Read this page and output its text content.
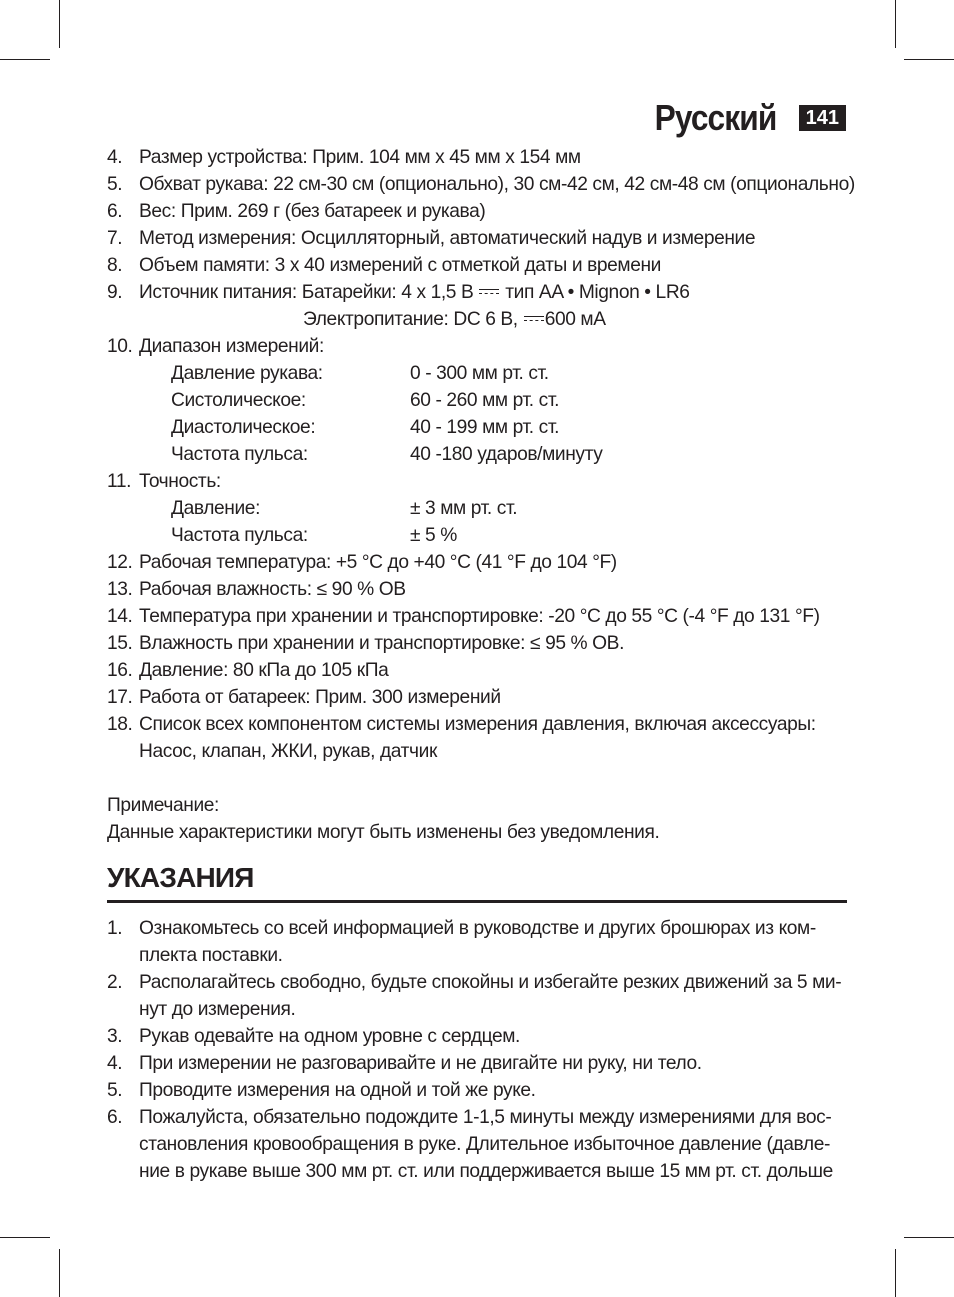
Русский	141
4. Размер устройства: Прим. 104 мм x 45 мм x 154 мм
5. Обхват рукава: 22 см-30 см (опционально), 30 см-42 см, 42 см-48 см (опционально)
6. Вес: Прим. 269 г (без батареек и рукава)
7. Метод измерения: Осцилляторный, автоматический надув и измерение
8. Объем памяти: 3 x 40 измерений с отметкой даты и времени
9. Источник питания: Батарейки: 4 x 1,5 В тип AA • Mignon • LR6
Электропитание: DC 6 В, 600 мА
10. Диапазон измерений:
Давление рукава:	0 - 300 мм рт. ст.
Систолическое:	60 - 260 мм рт. ст.
Диастолическое:	40 - 199 мм рт. ст.
Частота пульса:	40 -180 ударов/минуту
11. Точность:
Давление:	± 3 мм рт. ст.
Частота пульса:	± 5 %
12. Рабочая температура: +5 °C до +40 °C (41 °F до 104 °F)
13. Рабочая влажность: ≤ 90 % ОВ
14. Температура при хранении и транспортировке: -20 °C до 55 °C (-4 °F до 131 °F)
15. Влажность при хранении и транспортировке: ≤ 95 % ОВ.
16. Давление: 80 кПа до 105 кПа
17. Работа от батареек: Прим. 300 измерений
18. Список всех компонентом системы измерения давления, включая аксессуары:
Насос, клапан, ЖКИ, рукав, датчик
Примечание:
Данные характеристики могут быть изменены без уведомления.
УКАЗАНИЯ
1. Ознакомьтесь со всей информацией в руководстве и других брошюрах из ком-
плекта поставки.
2. Располагайтесь свободно, будьте спокойны и избегайте резких движений за 5 ми-
нут до измерения.
3. Рукав одевайте на одном уровне с сердцем.
4. При измерении не разговаривайте и не двигайте ни руку, ни тело.
5. Проводите измерения на одной и той же руке.
6. Пожалуйста, обязательно подождите 1-1,5 минуты между измерениями для вос-
становления кровообращения в руке. Длительное избыточное давление (давле-
ние в рукаве выше 300 мм рт. ст. или поддерживается выше 15 мм рт. ст. дольше
